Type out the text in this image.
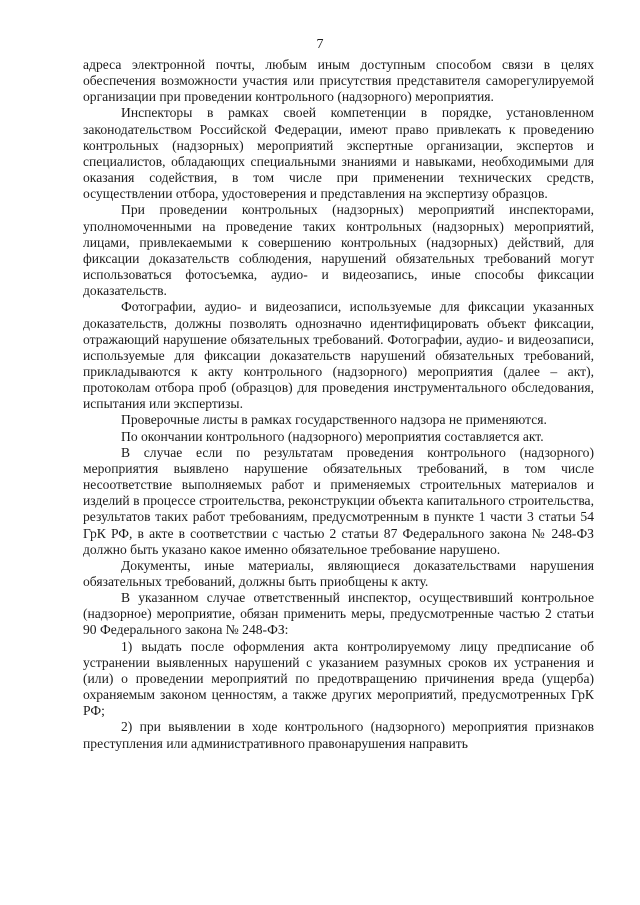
7

адреса электронной почты, любым иным доступным способом связи в целях обеспечения возможности участия или присутствия представителя саморегулируемой организации при проведении контрольного (надзорного) мероприятия.

Инспекторы в рамках своей компетенции в порядке, установленном законодательством Российской Федерации, имеют право привлекать к проведению контрольных (надзорных) мероприятий экспертные организации, экспертов и специалистов, обладающих специальными знаниями и навыками, необходимыми для оказания содействия, в том числе при применении технических средств, осуществлении отбора, удостоверения и представления на экспертизу образцов.

При проведении контрольных (надзорных) мероприятий инспекторами, уполномоченными на проведение таких контрольных (надзорных) мероприятий, лицами, привлекаемыми к совершению контрольных (надзорных) действий, для фиксации доказательств соблюдения, нарушений обязательных требований могут использоваться фотосъемка, аудио- и видеозапись, иные способы фиксации доказательств.

Фотографии, аудио- и видеозаписи, используемые для фиксации указанных доказательств, должны позволять однозначно идентифицировать объект фиксации, отражающий нарушение обязательных требований. Фотографии, аудио- и видеозаписи, используемые для фиксации доказательств нарушений обязательных требований, прикладываются к акту контрольного (надзорного) мероприятия (далее – акт), протоколам отбора проб (образцов) для проведения инструментального обследования, испытания или экспертизы.

Проверочные листы в рамках государственного надзора не применяются.

По окончании контрольного (надзорного) мероприятия составляется акт.

В случае если по результатам проведения контрольного (надзорного) мероприятия выявлено нарушение обязательных требований, в том числе несоответствие выполняемых работ и применяемых строительных материалов и изделий в процессе строительства, реконструкции объекта капитального строительства, результатов таких работ требованиям, предусмотренным в пункте 1 части 3 статьи 54 ГрК РФ, в акте в соответствии с частью 2 статьи 87 Федерального закона № 248-ФЗ должно быть указано какое именно обязательное требование нарушено.

Документы, иные материалы, являющиеся доказательствами нарушения обязательных требований, должны быть приобщены к акту.

В указанном случае ответственный инспектор, осуществивший контрольное (надзорное) мероприятие, обязан применить меры, предусмотренные частью 2 статьи 90 Федерального закона № 248-ФЗ:

1) выдать после оформления акта контролируемому лицу предписание об устранении выявленных нарушений с указанием разумных сроков их устранения и (или) о проведении мероприятий по предотвращению причинения вреда (ущерба) охраняемым законом ценностям, а также других мероприятий, предусмотренных ГрК РФ;

2) при выявлении в ходе контрольного (надзорного) мероприятия признаков преступления или административного правонарушения направить
